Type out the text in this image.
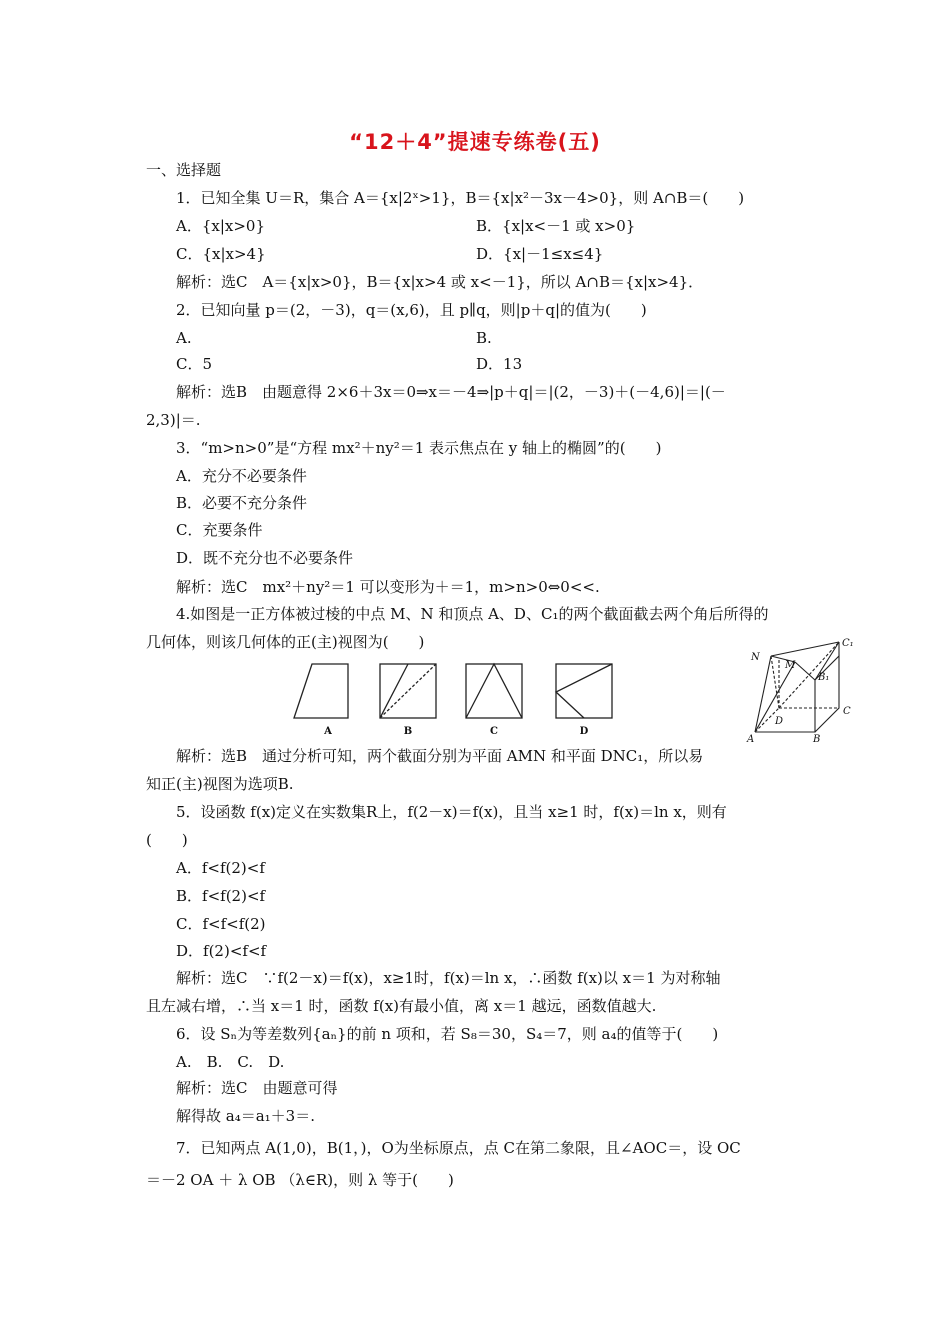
“12＋4”提速专练卷(五)
一、选择题
1．已知全集 U＝R，集合 A＝{x|2ˣ>1}，B＝{x|x²－3x－4>0}，则 A∩B＝(　　)
A．{x|x>0}	B．{x|x<－1 或 x>0}
C．{x|x>4}	D．{x|－1≤x≤4}
解析：选C　A＝{x|x>0}，B＝{x|x>4 或 x<－1}，所以 A∩B＝{x|x>4}．
2．已知向量 p＝(2，－3)，q＝(x,6)，且 p∥q，则|p＋q|的值为(　　)
A.	B.
C．5	D．13
解析：选B　由题意得 2×6＋3x＝0⇒x＝－4⇒|p＋q|＝|(2，－3)＋(－4,6)|＝|(－
2,3)|＝.
3．“m>n>0”是“方程 mx²＋ny²＝1 表示焦点在 y 轴上的椭圆”的(　　)
A．充分不必要条件
B．必要不充分条件
C．充要条件
D．既不充分也不必要条件
解析：选C　mx²＋ny²＝1 可以变形为＋＝1，m>n>0⇔0<<.
4.如图是一正方体被过棱的中点 M、N 和顶点 A、D、C₁的两个截面截去两个角后所得的
几何体，则该几何体的正(主)视图为(　　)
A	B	C	D
N
M
C₁
B₁
D
C
A	B
解析：选B　通过分析可知，两个截面分别为平面 AMN 和平面 DNC₁，所以易
知正(主)视图为选项B.
5．设函数 f(x)定义在实数集R上，f(2－x)＝f(x)，且当 x≥1 时，f(x)＝ln x，则有
(　　)
A．f<f(2)<f
B．f<f(2)<f
C．f<f<f(2)
D．f(2)<f<f
解析：选C　∵f(2－x)＝f(x)，x≥1时，f(x)＝ln x，∴函数 f(x)以 x＝1 为对称轴
且左减右增，∴当 x＝1 时，函数 f(x)有最小值，离 x＝1 越远，函数值越大.
6．设 Sₙ为等差数列{aₙ}的前 n 项和，若 S₈＝30，S₄＝7，则 a₄的值等于(　　)
A.　B.　C.　D.
解析：选C　由题意可得
解得故 a₄＝a₁＋3＝.
7．已知两点 A(1,0)，B(1，)，O为坐标原点，点 C在第二象限，且∠AOC＝，设 OC
＝－2 OA ＋ λ OB （λ∈R)，则 λ 等于(　　)
